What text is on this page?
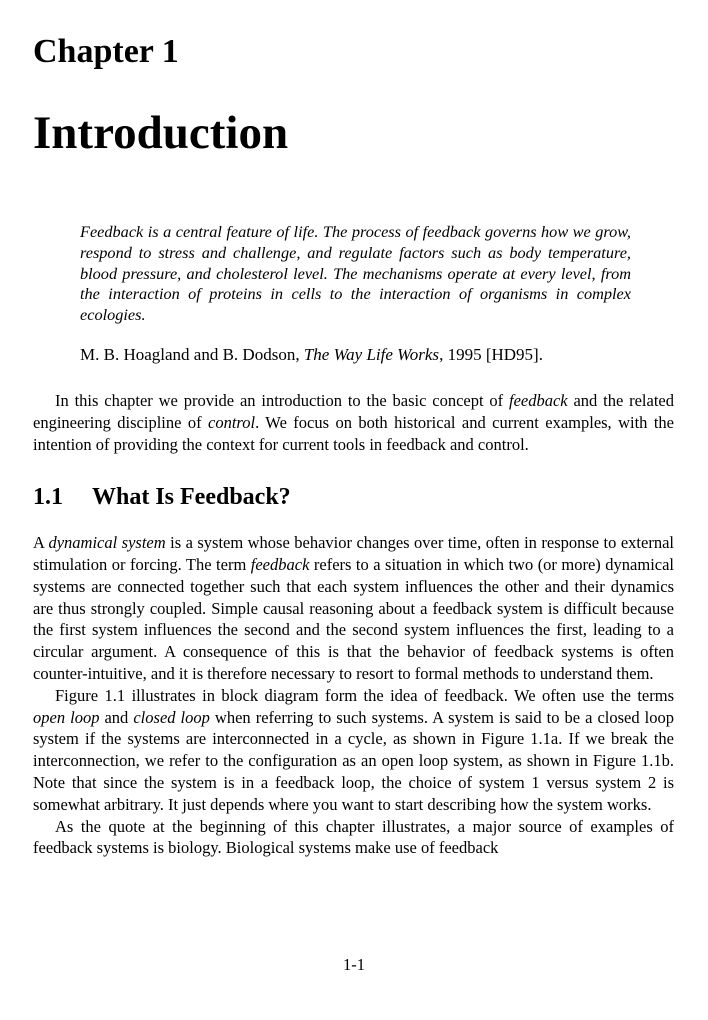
Chapter 1
Introduction
Feedback is a central feature of life. The process of feedback governs how we grow, respond to stress and challenge, and regulate factors such as body temperature, blood pressure, and cholesterol level. The mechanisms operate at every level, from the interaction of proteins in cells to the interaction of organisms in complex ecologies.

M. B. Hoagland and B. Dodson, The Way Life Works, 1995 [HD95].

In this chapter we provide an introduction to the basic concept of feedback and the related engineering discipline of control. We focus on both historical and current examples, with the intention of providing the context for current tools in feedback and control.

1.1 What Is Feedback?

A dynamical system is a system whose behavior changes over time, often in response to external stimulation or forcing. The term feedback refers to a situation in which two (or more) dynamical systems are connected together such that each system influences the other and their dynamics are thus strongly coupled. Simple causal reasoning about a feedback system is difficult because the first system influences the second and the second system influences the first, leading to a circular argument. A consequence of this is that the behavior of feedback systems is often counter-intuitive, and it is therefore necessary to resort to formal methods to understand them.

Figure 1.1 illustrates in block diagram form the idea of feedback. We often use the terms open loop and closed loop when referring to such systems. A system is said to be a closed loop system if the systems are interconnected in a cycle, as shown in Figure 1.1a. If we break the interconnection, we refer to the configuration as an open loop system, as shown in Figure 1.1b. Note that since the system is in a feedback loop, the choice of system 1 versus system 2 is somewhat arbitrary. It just depends where you want to start describing how the system works.

As the quote at the beginning of this chapter illustrates, a major source of examples of feedback systems is biology. Biological systems make use of feedback

1-1
